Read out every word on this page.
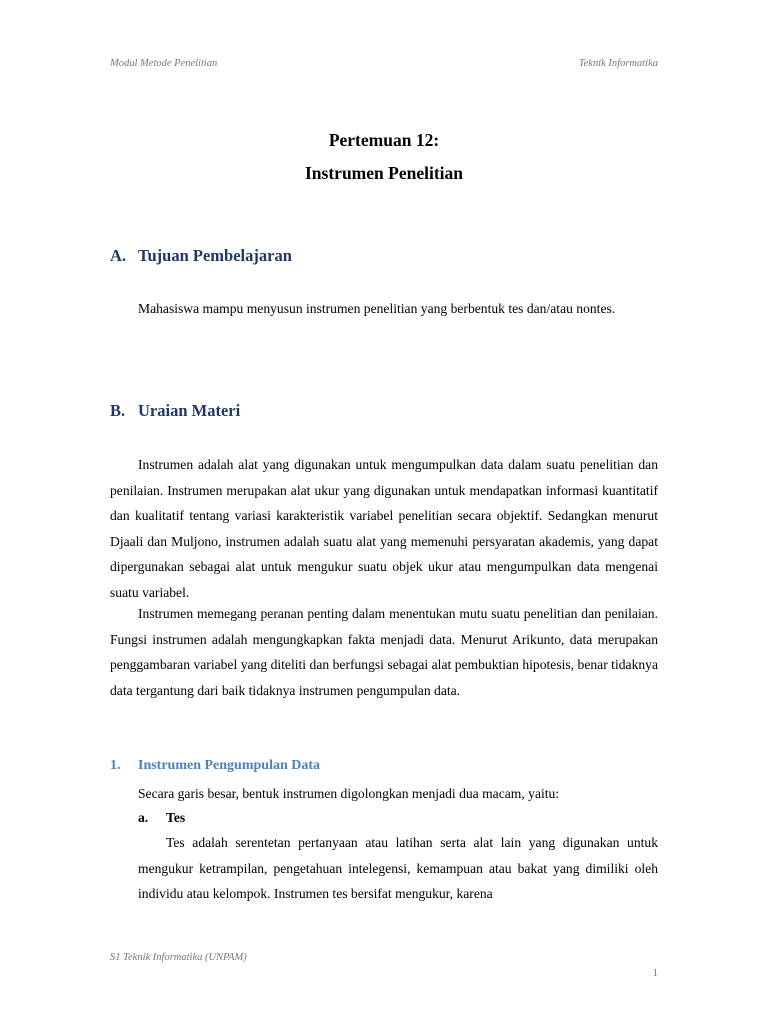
Modul Metode Penelitian	Teknik Informatika
Pertemuan 12:
Instrumen Penelitian
A. Tujuan Pembelajaran
Mahasiswa mampu menyusun instrumen penelitian yang berbentuk tes dan/atau nontes.
B. Uraian Materi
Instrumen adalah alat yang digunakan untuk mengumpulkan data dalam suatu penelitian dan penilaian. Instrumen merupakan alat ukur yang digunakan untuk mendapatkan informasi kuantitatif dan kualitatif tentang variasi karakteristik variabel penelitian secara objektif. Sedangkan menurut Djaali dan Muljono, instrumen adalah suatu alat yang memenuhi persyaratan akademis, yang dapat dipergunakan sebagai alat untuk mengukur suatu objek ukur atau mengumpulkan data mengenai suatu variabel.
Instrumen memegang peranan penting dalam menentukan mutu suatu penelitian dan penilaian. Fungsi instrumen adalah mengungkapkan fakta menjadi data. Menurut Arikunto, data merupakan penggambaran variabel yang diteliti dan berfungsi sebagai alat pembuktian hipotesis, benar tidaknya data tergantung dari baik tidaknya instrumen pengumpulan data.
1. Instrumen Pengumpulan Data
Secara garis besar, bentuk instrumen digolongkan menjadi dua macam, yaitu:
a. Tes
Tes adalah serentetan pertanyaan atau latihan serta alat lain yang digunakan untuk mengukur ketrampilan, pengetahuan intelegensi, kemampuan atau bakat yang dimiliki oleh individu atau kelompok. Instrumen tes bersifat mengukur, karena
S1 Teknik Informatika (UNPAM)
1
